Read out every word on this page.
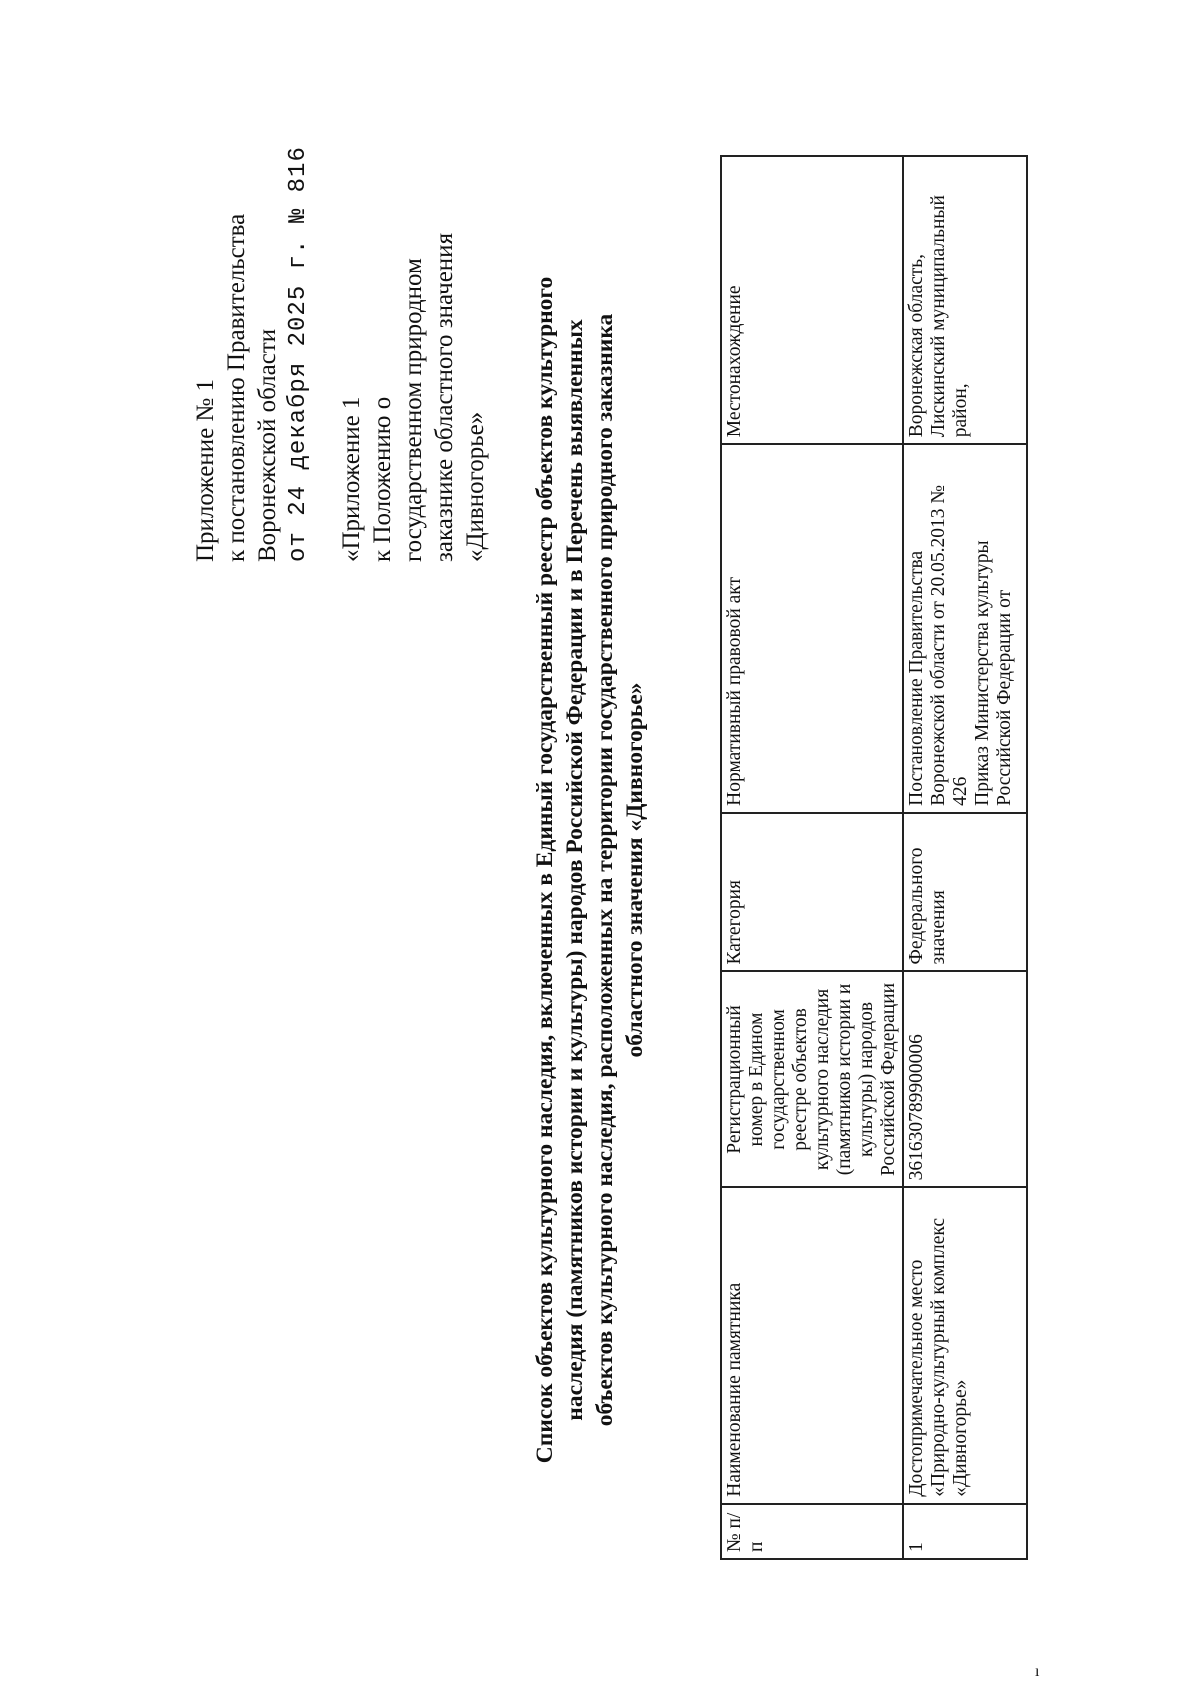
Приложение № 1 к постановлению Правительства Воронежской области от 24 декабря 2025 г. № 816 «Приложение 1 к Положению о государственном природном заказнике областного значения «Дивногорье» Список объектов культурного наследия, включенных в Единый государственный реестр объектов культурного наследия (памятников истории и культуры) народов Российской Федерации и в Перечень выявленных объектов культурного наследия, расположенных на территории государственного природного заказника областного значения «Дивногорье»
№ п/п	Наименование памятника	Регистрационный номер в Едином государственном реестре объектов культурного наследия (памятников истории и культуры) народов Российской Федерации	Категория	Нормативный правовой акт	Местонахождение
1	Достопримечательное место «Природно-культурный комплекс «Дивногорье»	361630789900006	Федерального значения	Постановление Правительства Воронежской области от 20.05.2013 № 426 Приказ Министерства культуры Российской Федерации от	Воронежская область, Лискинский муниципальный район,
ı
